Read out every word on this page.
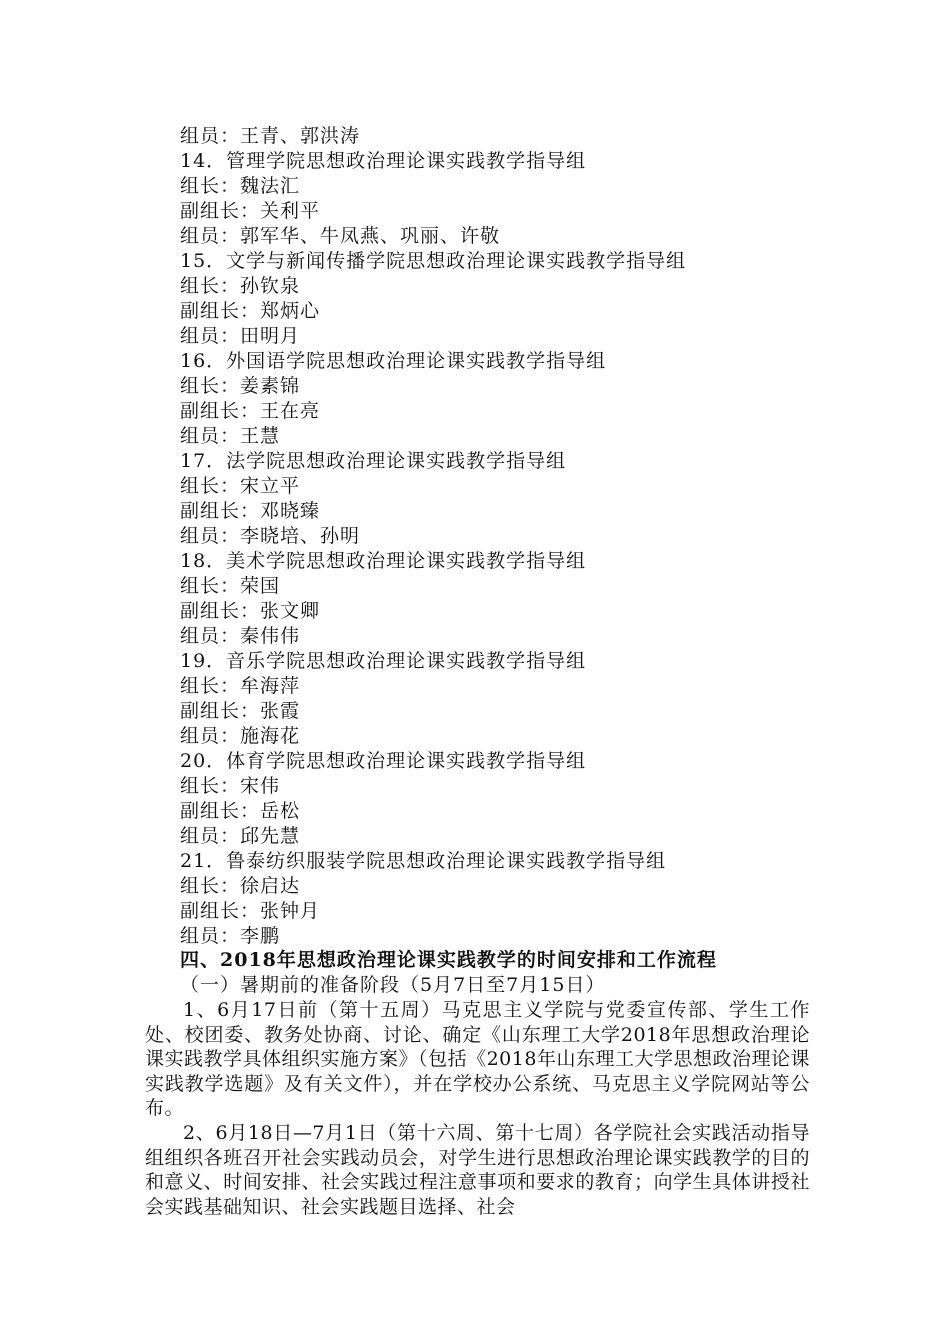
组员：王青、郭洪涛
14．管理学院思想政治理论课实践教学指导组
组长：魏法汇
副组长：关利平
组员：郭军华、牛凤燕、巩丽、许敬
15．文学与新闻传播学院思想政治理论课实践教学指导组
组长：孙钦泉
副组长：郑炳心
组员：田明月
16．外国语学院思想政治理论课实践教学指导组
组长：姜素锦
副组长：王在亮
组员：王慧
17．法学院思想政治理论课实践教学指导组
组长：宋立平
副组长：邓晓臻
组员：李晓培、孙明
18．美术学院思想政治理论课实践教学指导组
组长：荣国
副组长：张文卿
组员：秦伟伟
19．音乐学院思想政治理论课实践教学指导组
组长：牟海萍
副组长：张霞
组员：施海花
20．体育学院思想政治理论课实践教学指导组
组长：宋伟
副组长：岳松
组员：邱先慧
21．鲁泰纺织服装学院思想政治理论课实践教学指导组
组长：徐启达
副组长：张钟月
组员：李鹏
四、2018年思想政治理论课实践教学的时间安排和工作流程
（一）暑期前的准备阶段（5月7日至7月15日）
1、6月17日前（第十五周）马克思主义学院与党委宣传部、学生工作处、校团委、教务处协商、讨论、确定《山东理工大学2018年思想政治理论课实践教学具体组织实施方案》（包括《2018年山东理工大学思想政治理论课实践教学选题》及有关文件），并在学校办公系统、马克思主义学院网站等公布。
2、6月18日—7月1日（第十六周、第十七周）各学院社会实践活动指导组组织各班召开社会实践动员会，对学生进行思想政治理论课实践教学的目的和意义、时间安排、社会实践过程注意事项和要求的教育；向学生具体讲授社会实践基础知识、社会实践题目选择、社会
